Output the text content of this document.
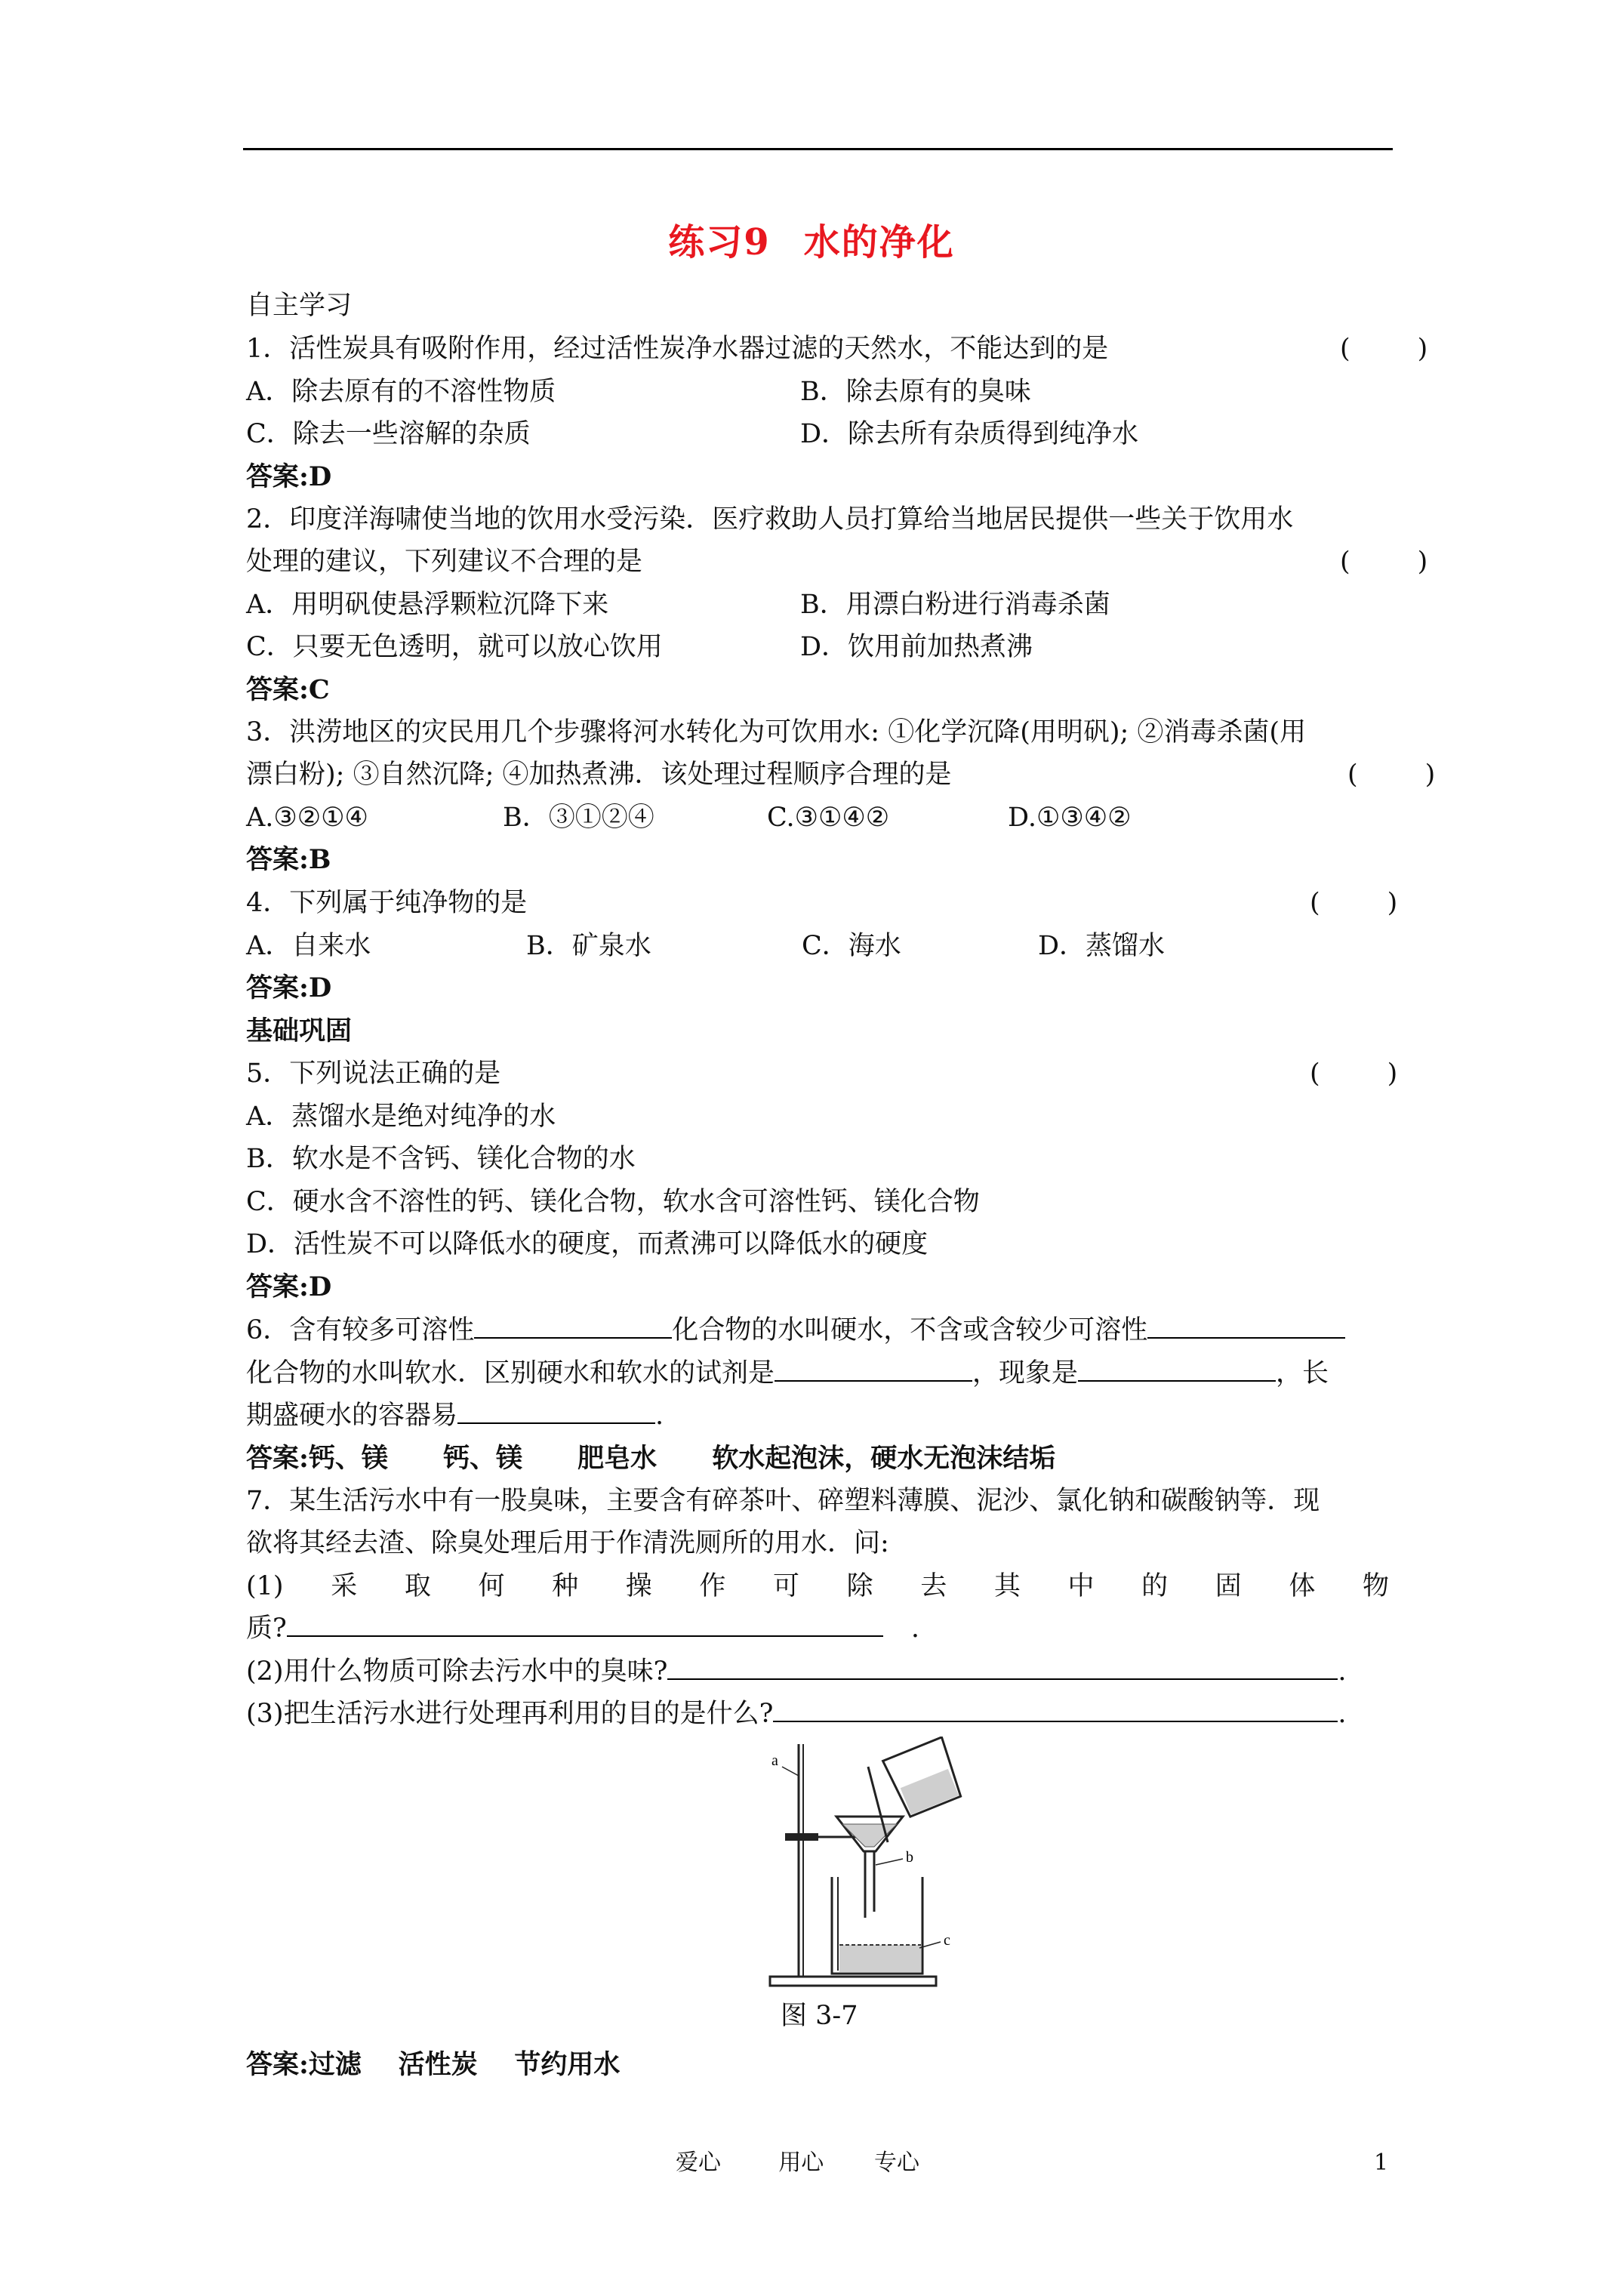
练习9 水的净化
自主学习
1．活性炭具有吸附作用，经过活性炭净水器过滤的天然水，不能达到的是	(        )
A．除去原有的不溶性物质	B．除去原有的臭味
C．除去一些溶解的杂质	D．除去所有杂质得到纯净水
答案:D
2．印度洋海啸使当地的饮用水受污染．医疗救助人员打算给当地居民提供一些关于饮用水
处理的建议，下列建议不合理的是	(        )
A．用明矾使悬浮颗粒沉降下来	B．用漂白粉进行消毒杀菌
C．只要无色透明，就可以放心饮用	D．饮用前加热煮沸
答案:C
3．洪涝地区的灾民用几个步骤将河水转化为可饮用水: ①化学沉降(用明矾); ②消毒杀菌(用
漂白粉); ③自然沉降; ④加热煮沸．该处理过程顺序合理的是	(        )
A.③②①④	B．③①②④	C.③①④②	D.①③④②
答案:B
4．下列属于纯净物的是	(        )
A．自来水	B．矿泉水	C．海水	D．蒸馏水
答案:D
基础巩固
5．下列说法正确的是	(        )
A．蒸馏水是绝对纯净的水
B．软水是不含钙、镁化合物的水
C．硬水含不溶性的钙、镁化合物，软水含可溶性钙、镁化合物
D．活性炭不可以降低水的硬度，而煮沸可以降低水的硬度
答案:D
6．含有较多可溶性	化合物的水叫硬水，不含或含较少可溶性
化合物的水叫软水．区别硬水和软水的试剂是	，现象是	，长
期盛硬水的容器易	.
答案:钙、镁      钙、镁      肥皂水      软水起泡沫，硬水无泡沫结垢
7．某生活污水中有一股臭味，主要含有碎茶叶、碎塑料薄膜、泥沙、氯化钠和碳酸钠等．现
欲将其经去渣、除臭处理后用于作清洗厕所的用水．问:
(1) 采 取 何 种 操 作 可 除 去 其 中 的 固 体 物
质?	.
(2)用什么物质可除去污水中的臭味?	.
(3)把生活污水进行处理再利用的目的是什么?	.
a
b
c
图 3-7
答案:过滤    活性炭    节约用水
爱心        用心       专心	1
